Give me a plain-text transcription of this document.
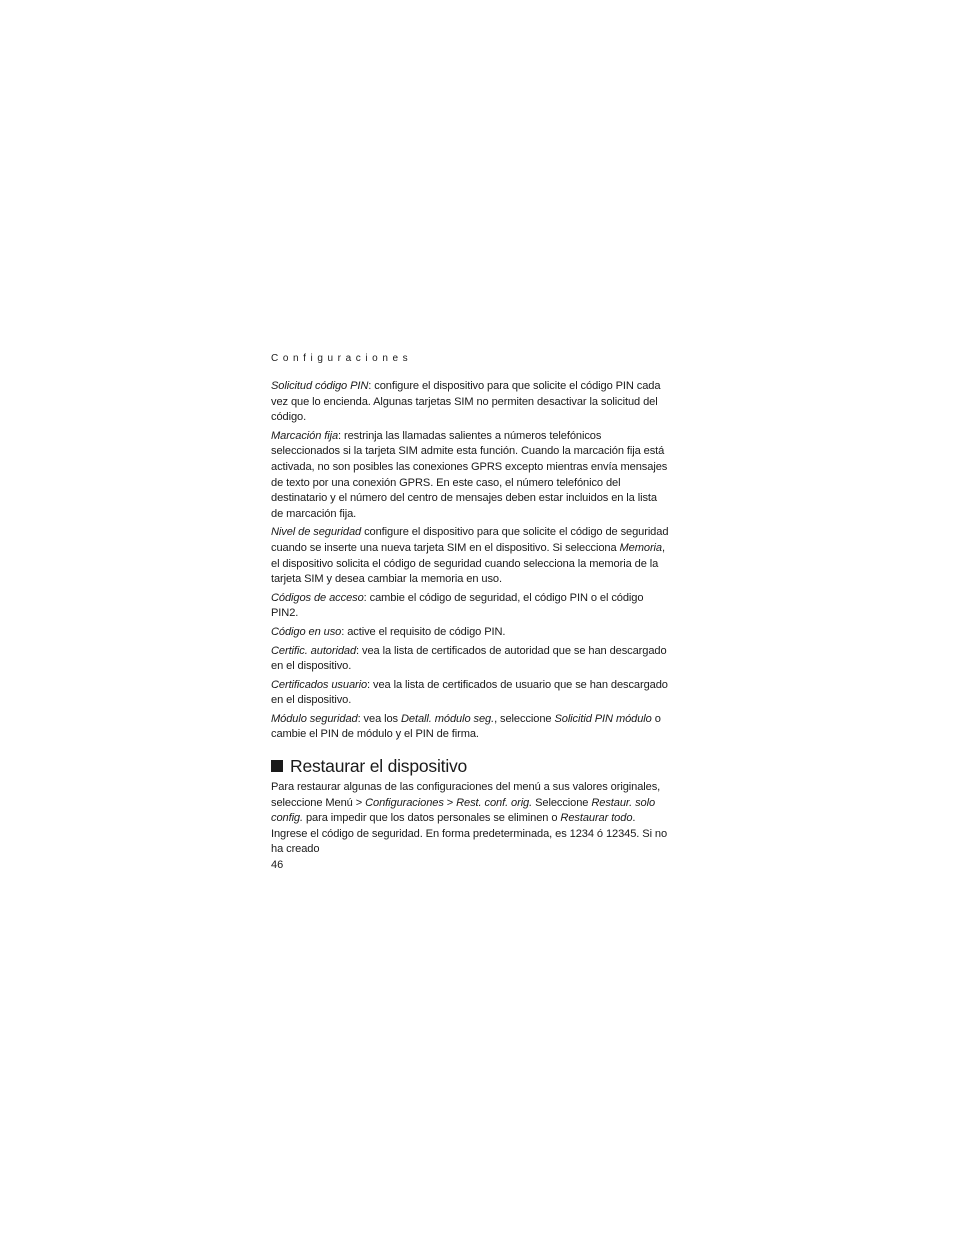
Configuraciones

Solicitud código PIN: configure el dispositivo para que solicite el código PIN cada vez que lo encienda. Algunas tarjetas SIM no permiten desactivar la solicitud del código.

Marcación fija: restrinja las llamadas salientes a números telefónicos seleccionados si la tarjeta SIM admite esta función. Cuando la marcación fija está activada, no son posibles las conexiones GPRS excepto mientras envía mensajes de texto por una conexión GPRS. En este caso, el número telefónico del destinatario y el número del centro de mensajes deben estar incluidos en la lista de marcación fija.

Nivel de seguridad configure el dispositivo para que solicite el código de seguridad cuando se inserte una nueva tarjeta SIM en el dispositivo. Si selecciona Memoria, el dispositivo solicita el código de seguridad cuando selecciona la memoria de la tarjeta SIM y desea cambiar la memoria en uso.

Códigos de acceso: cambie el código de seguridad, el código PIN o el código PIN2.

Código en uso: active el requisito de código PIN.

Certific. autoridad: vea la lista de certificados de autoridad que se han descargado en el dispositivo.

Certificados usuario: vea la lista de certificados de usuario que se han descargado en el dispositivo.

Módulo seguridad: vea los Detall. módulo seg., seleccione Solicitid PIN módulo o cambie el PIN de módulo y el PIN de firma.

Restaurar el dispositivo

Para restaurar algunas de las configuraciones del menú a sus valores originales, seleccione Menú > Configuraciones > Rest. conf. orig. Seleccione Restaur. solo config. para impedir que los datos personales se eliminen o Restaurar todo. Ingrese el código de seguridad. En forma predeterminada, es 1234 ó 12345. Si no ha creado

46
